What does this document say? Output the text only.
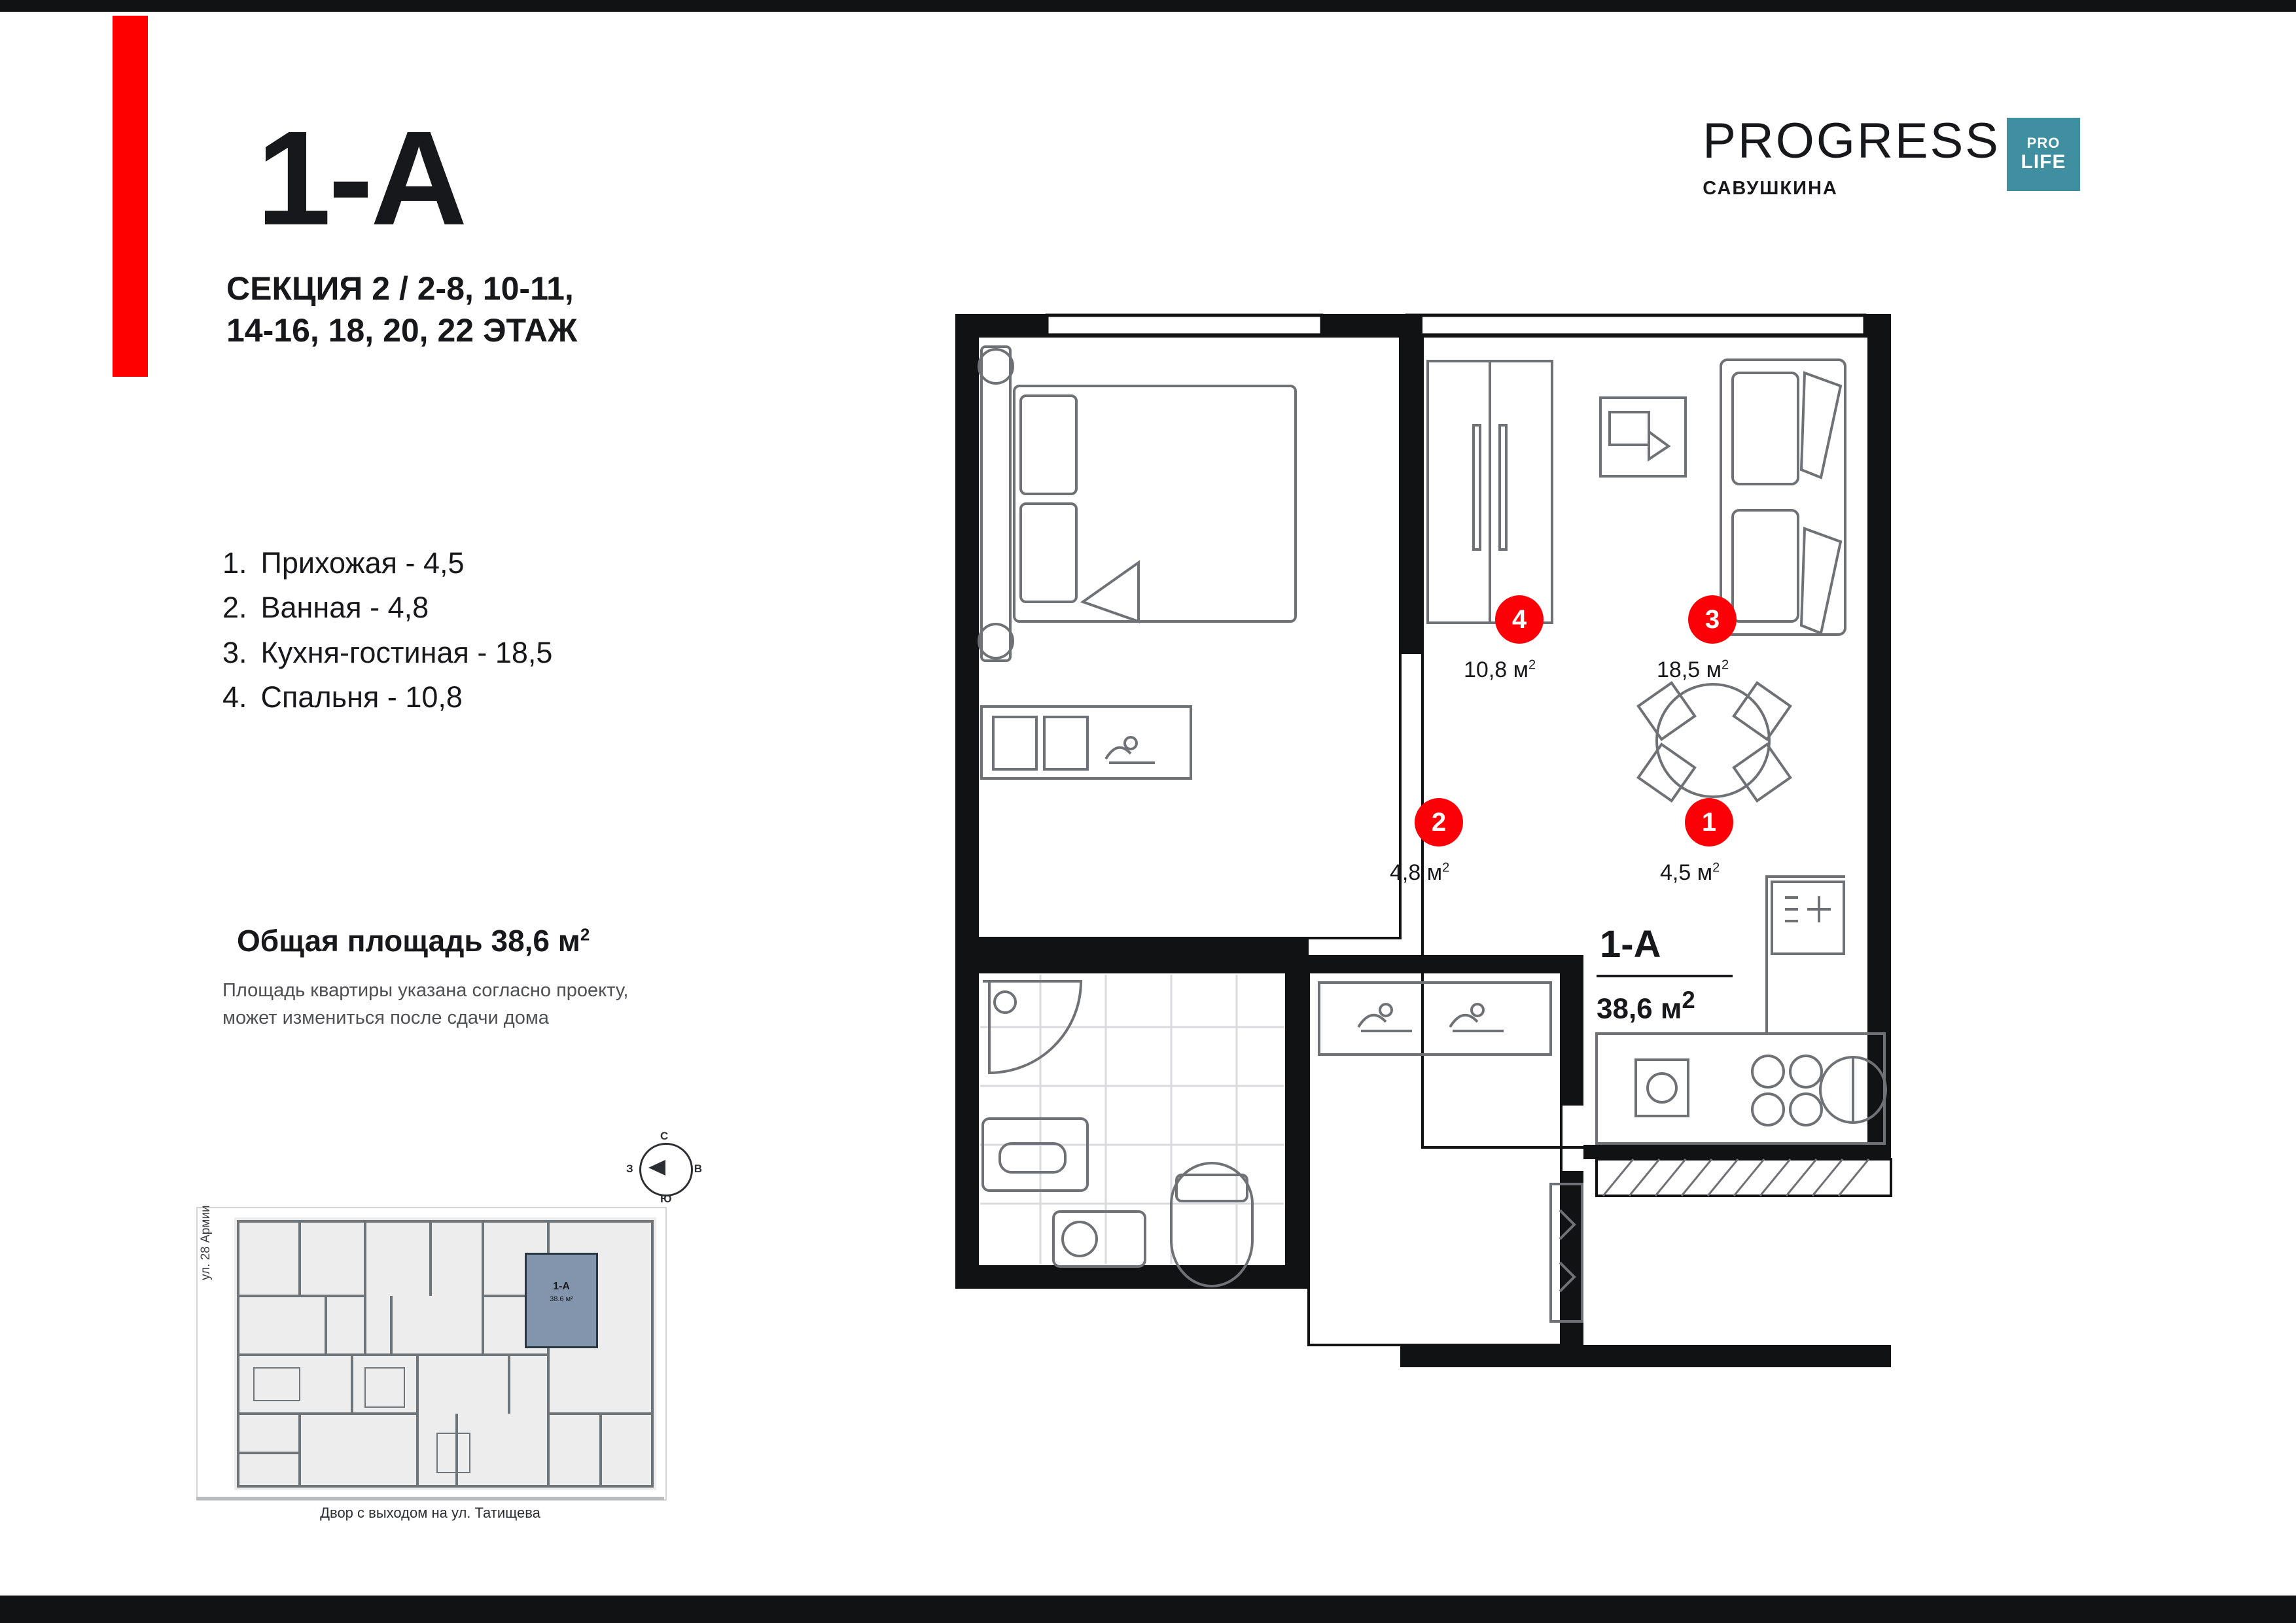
1-А
СЕКЦИЯ 2 / 2-8, 10-11,
14-16, 18, 20, 22 ЭТАЖ
1. Прихожая - 4,5
2. Ванная - 4,8
3. Кухня-гостиная - 18,5
4. Спальня - 10,8
Общая площадь 38,6 $м^2$
Площадь квартиры указана согласно проекту,
может измениться после сдачи дома
С
Ю
З	В
ул. 28 Армии
1-А
38.6 м²
Двор с выходом на ул. Татищева
PROGRESS
САВУШКИНА
PRO
LIFE
1
4,5 $м^2$
2
4,8 $м^2$
3
18,5 $м^2$
4
10,8 $м^2$
1-А
38,6 $м^2$
